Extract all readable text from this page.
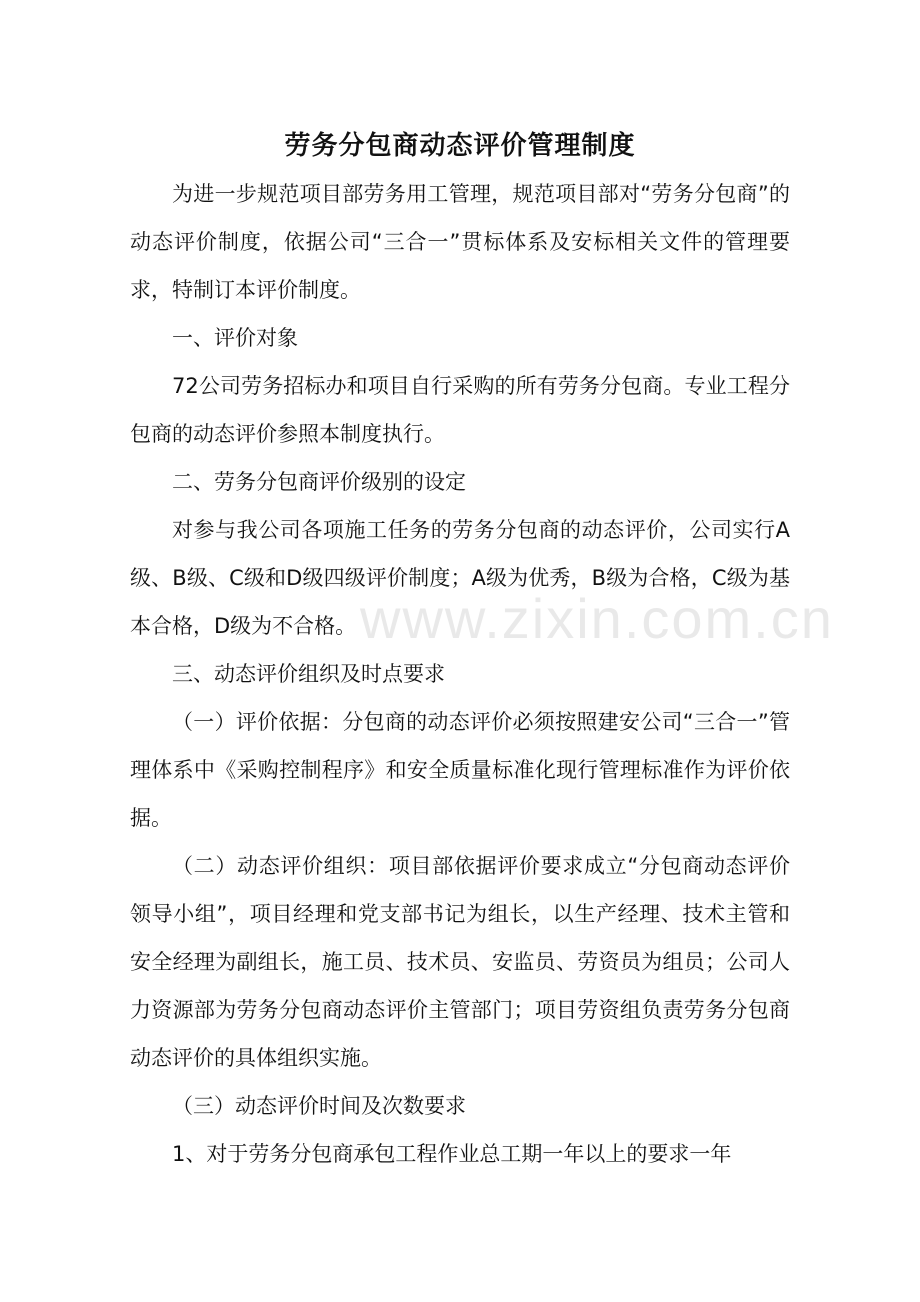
劳务分包商动态评价管理制度

为进一步规范项目部劳务用工管理，规范项目部对“劳务分包商”的动态评价制度，依据公司“三合一”贯标体系及安标相关文件的管理要求，特制订本评价制度。

一、评价对象

72公司劳务招标办和项目自行采购的所有劳务分包商。专业工程分包商的动态评价参照本制度执行。

二、劳务分包商评价级别的设定

对参与我公司各项施工任务的劳务分包商的动态评价，公司实行A级、B级、C级和D级四级评价制度；A级为优秀，B级为合格，C级为基本合格，D级为不合格。

三、动态评价组织及时点要求

（一）评价依据：分包商的动态评价必须按照建安公司“三合一”管理体系中《采购控制程序》和安全质量标准化现行管理标准作为评价依据。

（二）动态评价组织：项目部依据评价要求成立“分包商动态评价领导小组”，项目经理和党支部书记为组长，以生产经理、技术主管和安全经理为副组长，施工员、技术员、安监员、劳资员为组员；公司人力资源部为劳务分包商动态评价主管部门；项目劳资组负责劳务分包商动态评价的具体组织实施。

（三）动态评价时间及次数要求

1、对于劳务分包商承包工程作业总工期一年以上的要求一年

www.zixin.com.cn
